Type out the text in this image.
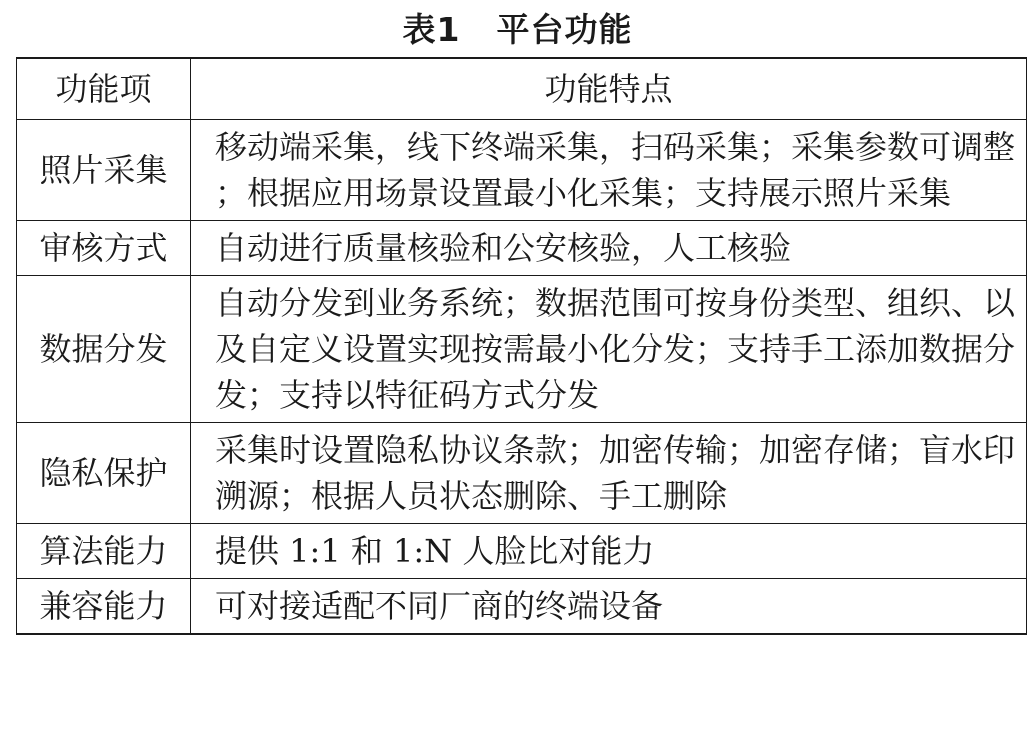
表1 平台功能
功能项	功能特点
照片采集	移动端采集，线下终端采集，扫码采集；采集参数可调整；根据应用场景设置最小化采集；支持展示照片采集
审核方式	自动进行质量核验和公安核验，人工核验
数据分发	自动分发到业务系统；数据范围可按身份类型、组织、以及自定义设置实现按需最小化分发；支持手工添加数据分发；支持以特征码方式分发
隐私保护	采集时设置隐私协议条款；加密传输；加密存储；盲水印溯源；根据人员状态删除、手工删除
算法能力	提供 1:1 和 1:N 人脸比对能力
兼容能力	可对接适配不同厂商的终端设备
